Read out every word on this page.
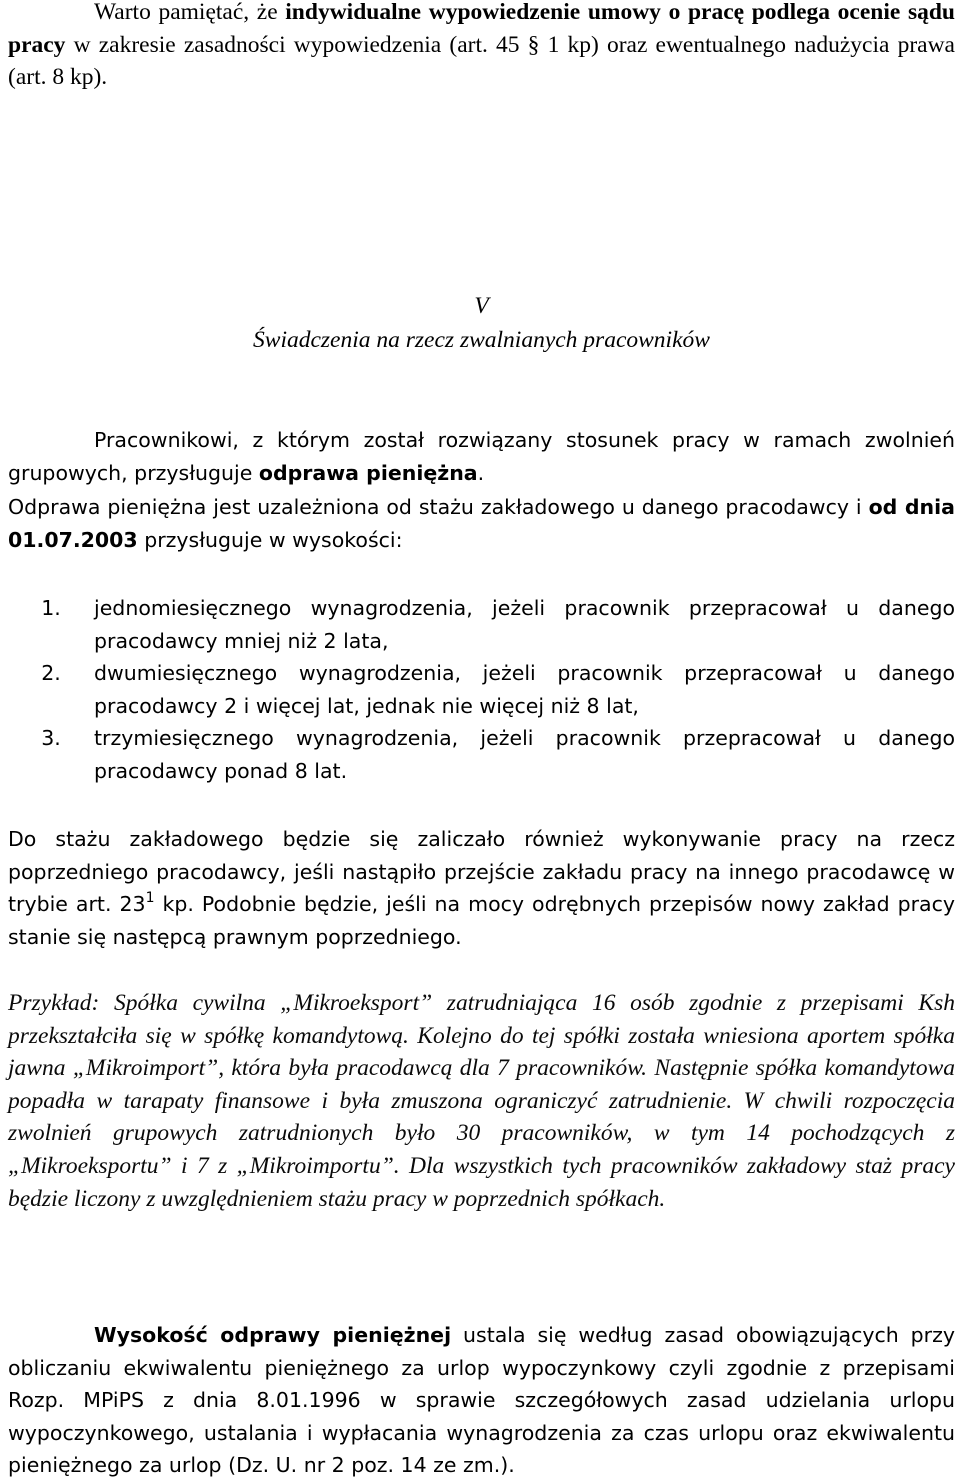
Warto pamiętać, że indywidualne wypowiedzenie umowy o pracę podlega ocenie sądu pracy w zakresie zasadności wypowiedzenia (art. 45 § 1 kp) oraz ewentualnego nadużycia prawa (art. 8 kp).

V

Świadczenia na rzecz zwalnianych pracowników

Pracownikowi, z którym został rozwiązany stosunek pracy w ramach zwolnień grupowych, przysługuje odprawa pieniężna.

Odprawa pieniężna jest uzależniona od stażu zakładowego u danego pracodawcy i od dnia 01.07.2003 przysługuje w wysokości:

1.	jednomiesięcznego wynagrodzenia, jeżeli pracownik przepracował u danego pracodawcy mniej niż 2 lata,
2.	dwumiesięcznego wynagrodzenia, jeżeli pracownik przepracował u danego pracodawcy 2 i więcej lat, jednak nie więcej niż 8 lat,
3.	trzymiesięcznego wynagrodzenia, jeżeli pracownik przepracował u danego pracodawcy ponad 8 lat.

Do stażu zakładowego będzie się zaliczało również wykonywanie pracy na rzecz poprzedniego pracodawcy, jeśli nastąpiło przejście zakładu pracy na innego pracodawcę w trybie art. $23^1$ kp. Podobnie będzie, jeśli na mocy odrębnych przepisów nowy zakład pracy stanie się następcą prawnym poprzedniego.

Przykład: Spółka cywilna „Mikroeksport” zatrudniająca 16 osób zgodnie z przepisami Ksh przekształciła się w spółkę komandytową. Kolejno do tej spółki została wniesiona aportem spółka jawna „Mikroimport”, która była pracodawcą dla 7 pracowników. Następnie spółka komandytowa popadła w tarapaty finansowe i była zmuszona ograniczyć zatrudnienie. W chwili rozpoczęcia zwolnień grupowych zatrudnionych było 30 pracowników, w tym 14 pochodzących z „Mikroeksportu” i 7 z „Mikroimportu”. Dla wszystkich tych pracowników zakładowy staż pracy będzie liczony z uwzględnieniem stażu pracy w poprzednich spółkach.

Wysokość odprawy pieniężnej ustala się według zasad obowiązujących przy obliczaniu ekwiwalentu pieniężnego za urlop wypoczynkowy czyli zgodnie z przepisami Rozp. MPiPS z dnia 8.01.1996 w sprawie szczegółowych zasad udzielania urlopu wypoczynkowego, ustalania i wypłacania wynagrodzenia za czas urlopu oraz ekwiwalentu pieniężnego za urlop (Dz. U. nr 2 poz. 14 ze zm.).
